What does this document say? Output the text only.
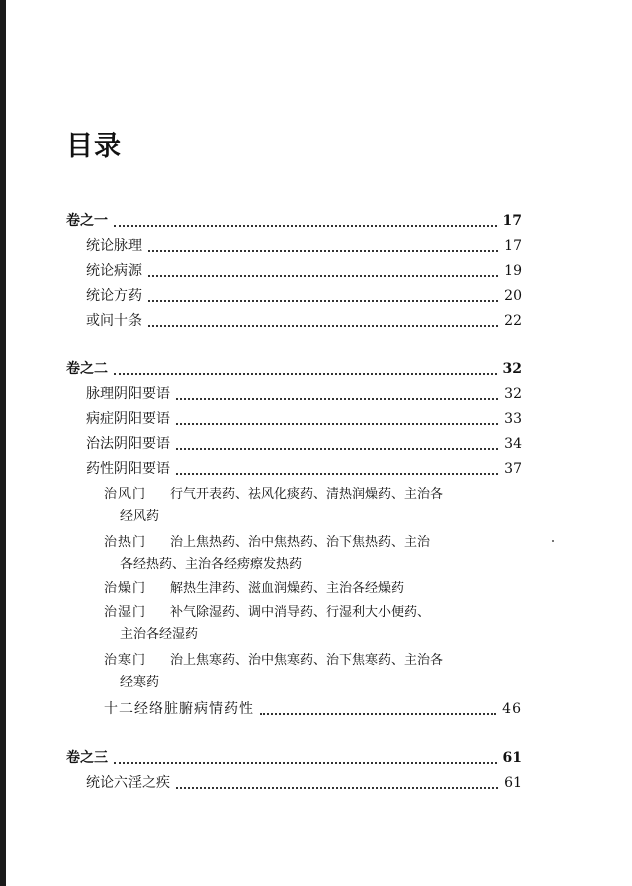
目录
卷之一	17
统论脉理	17
统论病源	19
统论方药	20
或问十条	22
卷之二	32
脉理阴阳要语	32
病症阴阳要语	33
治法阴阳要语	34
药性阴阳要语	37
治风门 行气开表药、祛风化痰药、清热润燥药、主治各
经风药
治热门 治上焦热药、治中焦热药、治下焦热药、主治
各经热药、主治各经痨瘵发热药
治燥门 解热生津药、滋血润燥药、主治各经燥药
治湿门 补气除湿药、调中消导药、行湿利大小便药、
主治各经湿药
治寒门 治上焦寒药、治中焦寒药、治下焦寒药、主治各
经寒药
十二经络脏腑病情药性	46
卷之三	61
统论六淫之疾	61
